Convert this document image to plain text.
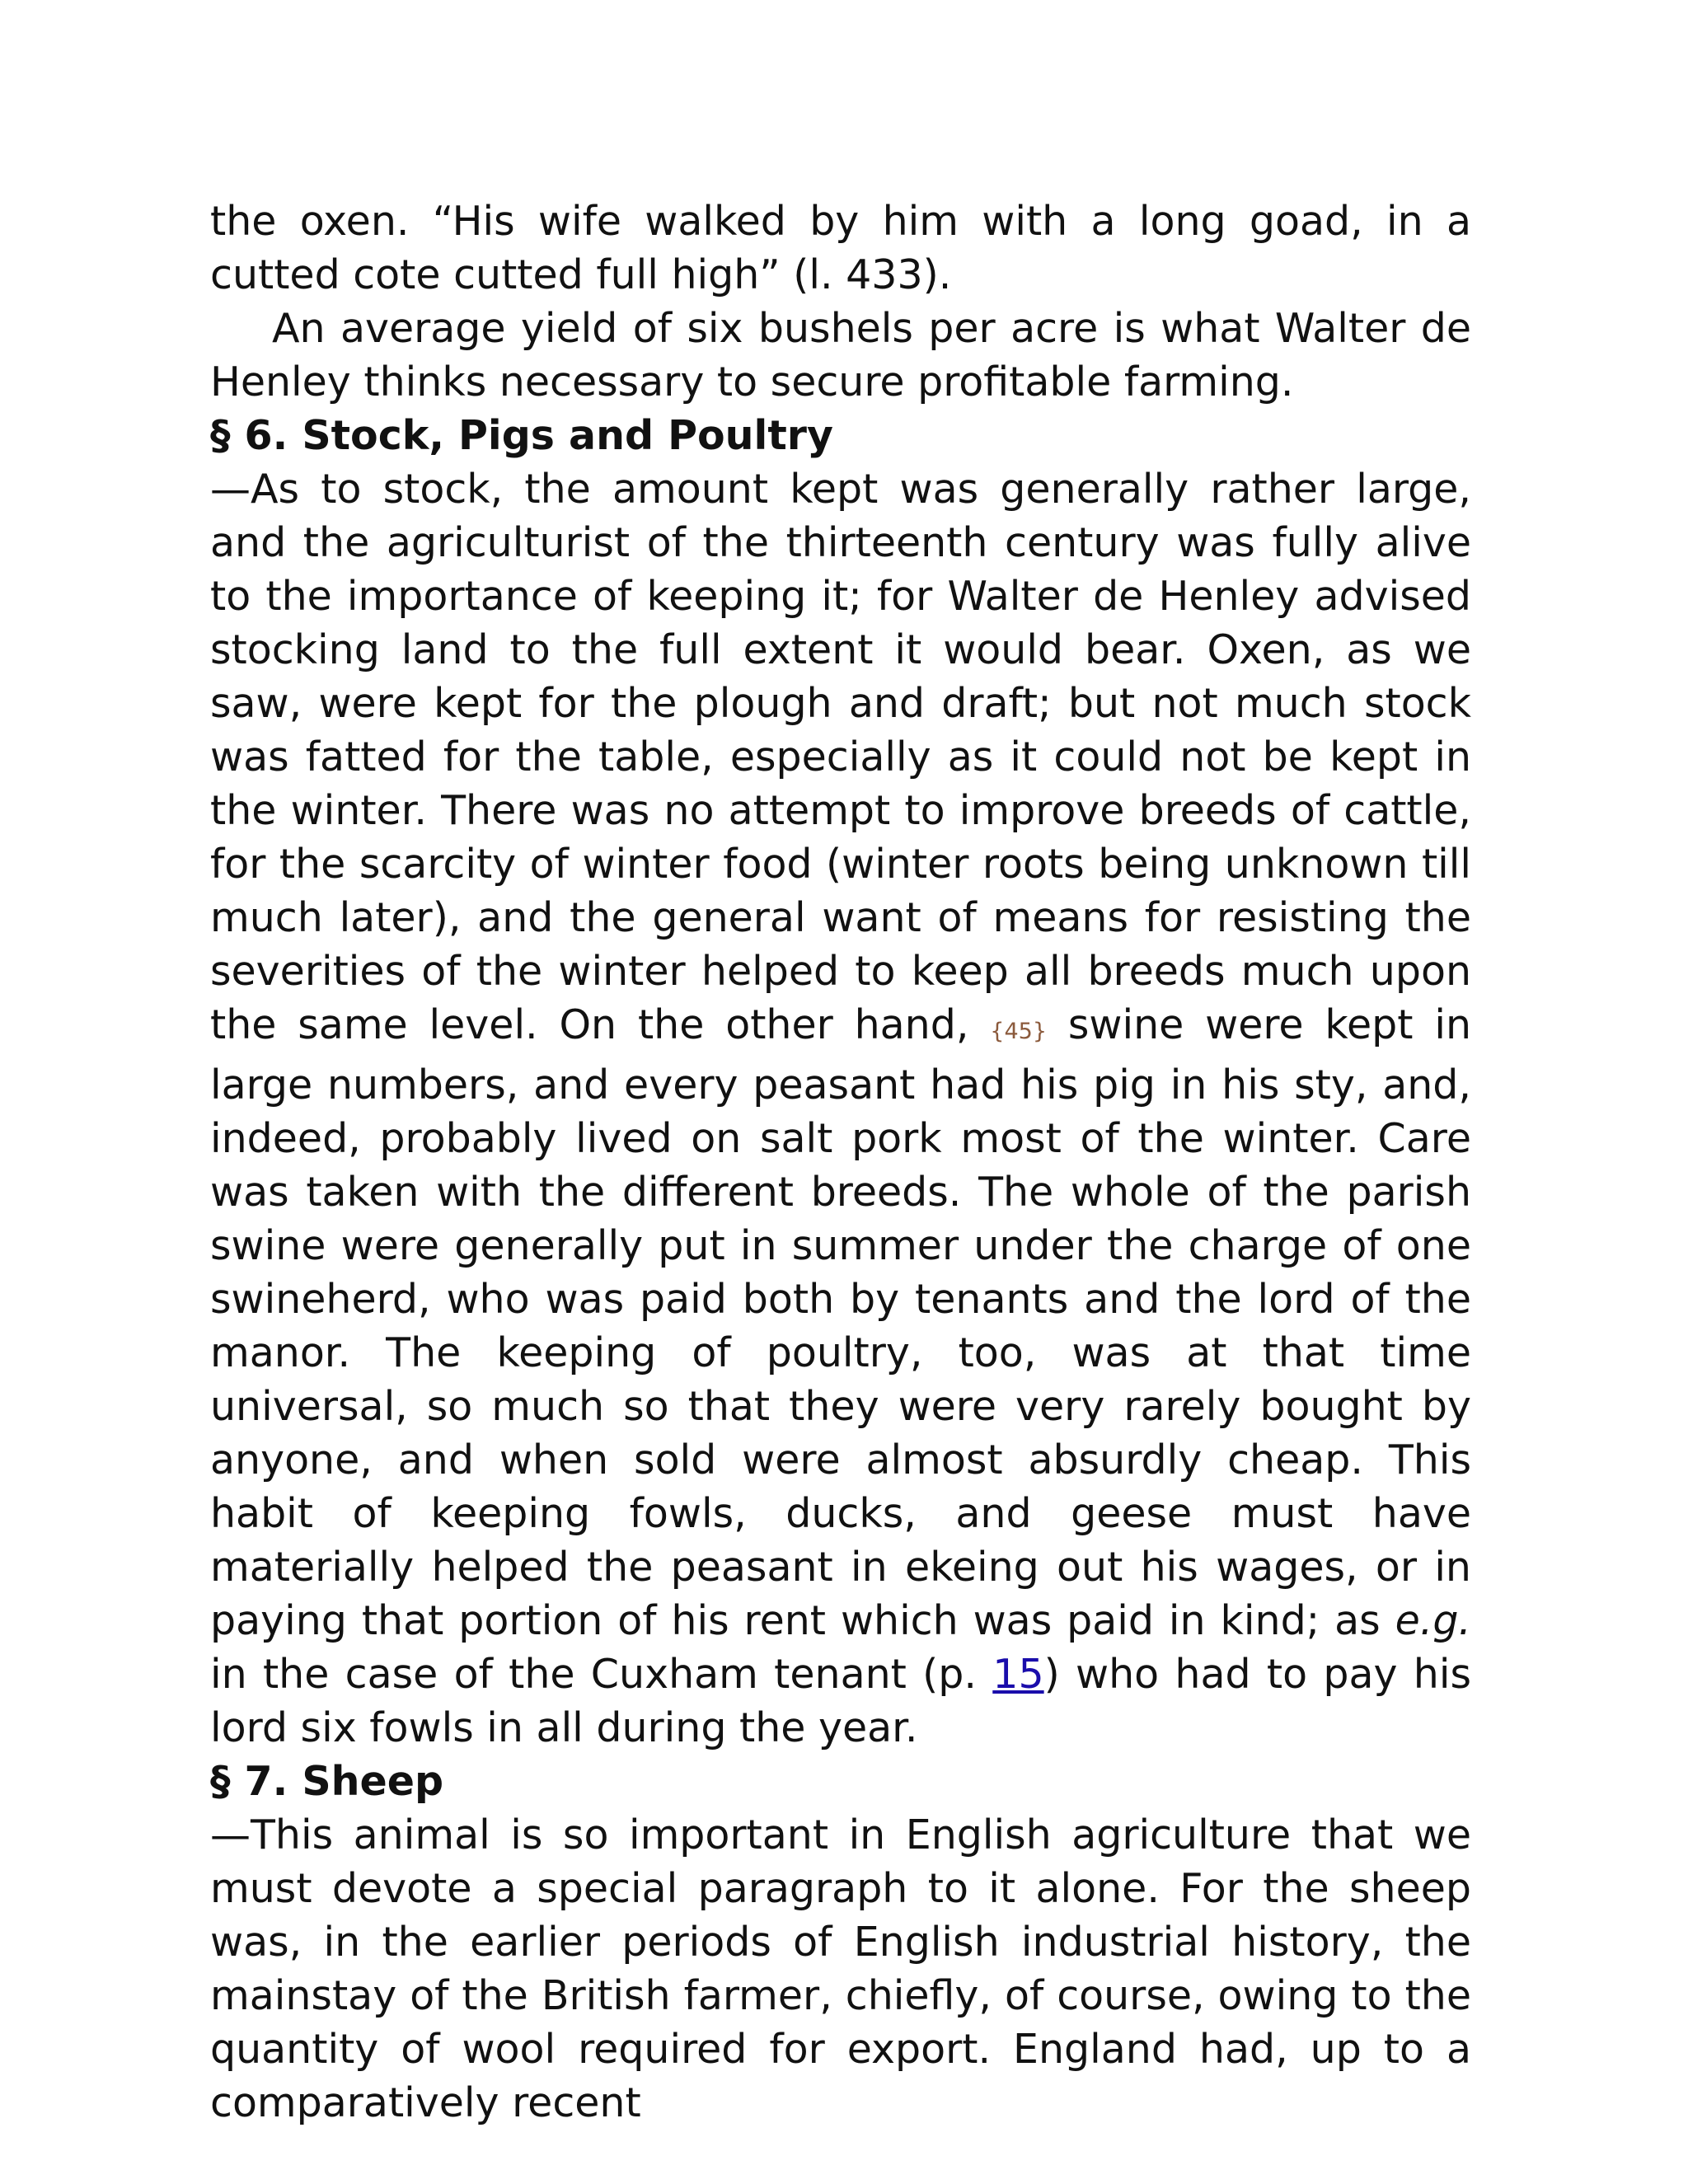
the oxen. “His wife walked by him with a long goad, in a cutted cote cutted full high” (l. 433).

An average yield of six bushels per acre is what Walter de Henley thinks necessary to secure profitable farming.

§ 6. Stock, Pigs and Poultry

—As to stock, the amount kept was generally rather large, and the agriculturist of the thirteenth century was fully alive to the importance of keeping it; for Walter de Henley advised stocking land to the full extent it would bear. Oxen, as we saw, were kept for the plough and draft; but not much stock was fatted for the table, especially as it could not be kept in the winter. There was no attempt to improve breeds of cattle, for the scarcity of winter food (winter roots being unknown till much later), and the general want of means for resisting the severities of the winter helped to keep all breeds much upon the same level. On the other hand, {45} swine were kept in large numbers, and every peasant had his pig in his sty, and, indeed, probably lived on salt pork most of the winter. Care was taken with the different breeds. The whole of the parish swine were generally put in summer under the charge of one swineherd, who was paid both by tenants and the lord of the manor. The keeping of poultry, too, was at that time universal, so much so that they were very rarely bought by anyone, and when sold were almost absurdly cheap. This habit of keeping fowls, ducks, and geese must have materially helped the peasant in ekeing out his wages, or in paying that portion of his rent which was paid in kind; as e.g. in the case of the Cuxham tenant (p. 15) who had to pay his lord six fowls in all during the year.

§ 7. Sheep

—This animal is so important in English agriculture that we must devote a special paragraph to it alone. For the sheep was, in the earlier periods of English industrial history, the mainstay of the British farmer, chiefly, of course, owing to the quantity of wool required for export. England had, up to a comparatively recent
